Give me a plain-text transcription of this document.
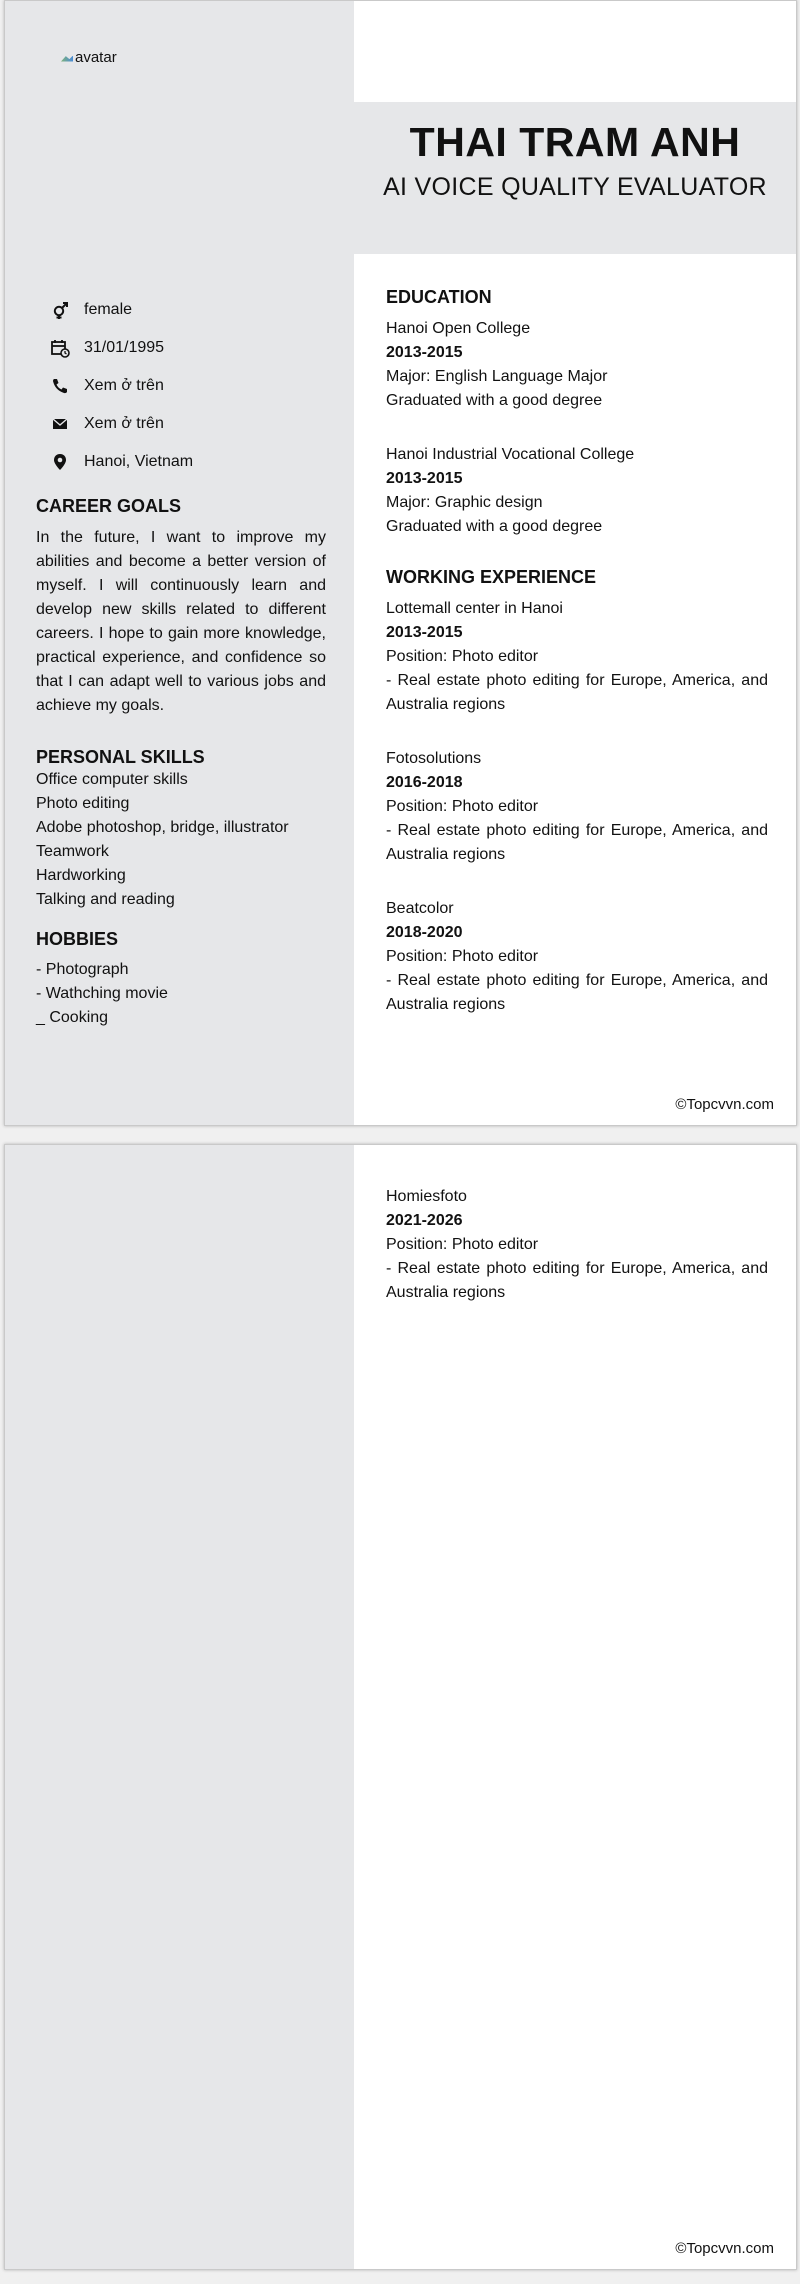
avatar
THAI TRAM ANH
AI VOICE QUALITY EVALUATOR
female
31/01/1995
Xem ở trên
Xem ở trên
Hanoi, Vietnam
CAREER GOALS

In the future, I want to improve my abilities and become a better version of myself. I will continuously learn and develop new skills related to different careers. I hope to gain more knowledge, practical experience, and confidence so that I can adapt well to various jobs and achieve my goals.

PERSONAL SKILLS

Office computer skills

Photo editing

Adobe photoshop, bridge, illustrator

Teamwork

Hardworking

Talking and reading

HOBBIES

- Photograph

- Wathching movie

_ Cooking

EDUCATION

Hanoi Open College

2013-2015

Major: English Language Major

Graduated with a good degree

Hanoi Industrial Vocational College

2013-2015

Major: Graphic design

Graduated with a good degree

WORKING EXPERIENCE

Lottemall center in Hanoi

2013-2015

Position: Photo editor

- Real estate photo editing for Europe, America, and Australia regions

Fotosolutions

2016-2018

Position: Photo editor

- Real estate photo editing for Europe, America, and Australia regions

Beatcolor

2018-2020

Position: Photo editor

- Real estate photo editing for Europe, America, and Australia regions

©Topcvvn.com

Homiesfoto

2021-2026

Position: Photo editor

- Real estate photo editing for Europe, America, and Australia regions

©Topcvvn.com
